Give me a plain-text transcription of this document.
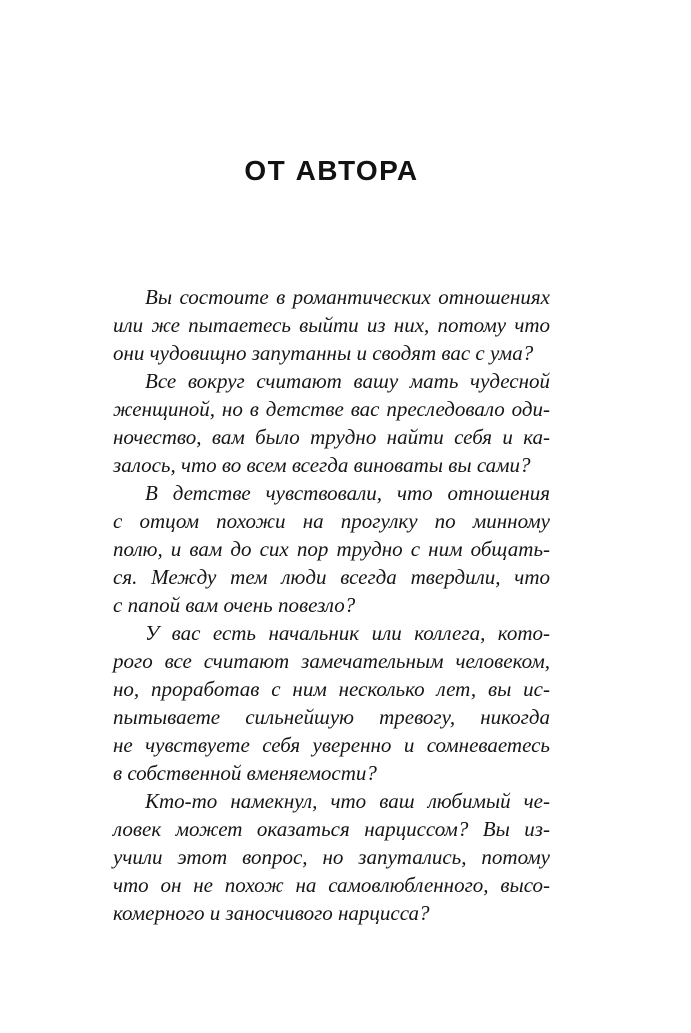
ОТ АВТОРА
Вы состоите в романтических отношениях
или же пытаетесь выйти из них, потому что
они чудовищно запутанны и сводят вас с ума?
Все вокруг считают вашу мать чудесной
женщиной, но в детстве вас преследовало оди-
ночество, вам было трудно найти себя и ка-
залось, что во всем всегда виноваты вы сами?
В детстве чувствовали, что отношения
с отцом похожи на прогулку по минному
полю, и вам до сих пор трудно с ним общать-
ся. Между тем люди всегда твердили, что
с папой вам очень повезло?
У вас есть начальник или коллега, кото-
рого все считают замечательным человеком,
но, проработав с ним несколько лет, вы ис-
пытываете сильнейшую тревогу, никогда
не чувствуете себя уверенно и сомневаетесь
в собственной вменяемости?
Кто-то намекнул, что ваш любимый че-
ловек может оказаться нарциссом? Вы из-
учили этот вопрос, но запутались, потому
что он не похож на самовлюбленного, высо-
комерного и заносчивого нарцисса?
